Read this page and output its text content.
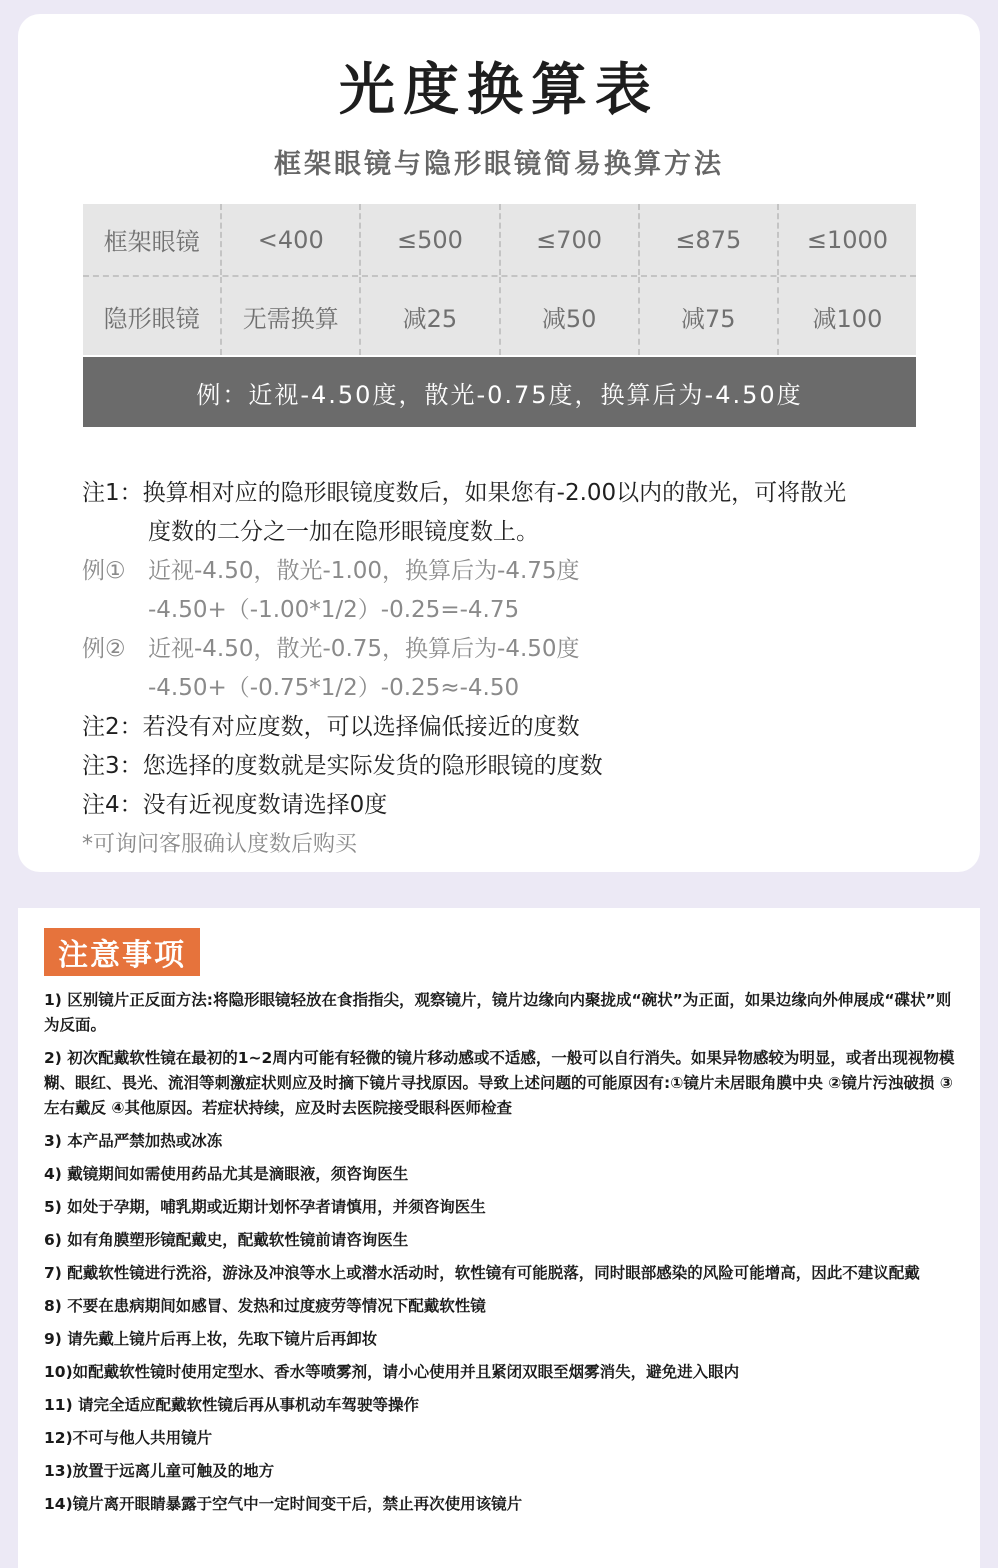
光度换算表
框架眼镜与隐形眼镜简易换算方法
框架眼镜	<400	≤500	≤700	≤875	≤1000
隐形眼镜	无需换算	减25	减50	减75	减100
例：近视-4.50度，散光-0.75度，换算后为-4.50度
注1： 换算相对应的隐形眼镜度数后，如果您有-2.00以内的散光，可将散光
度数的二分之一加在隐形眼镜度数上。
例① 近视-4.50，散光-1.00，换算后为-4.75度
-4.50+（-1.00*1/2）-0.25=-4.75
例② 近视-4.50，散光-0.75，换算后为-4.50度
-4.50+（-0.75*1/2）-0.25≈-4.50
注2：若没有对应度数，可以选择偏低接近的度数
注3：您选择的度数就是实际发货的隐形眼镜的度数
注4：没有近视度数请选择0度
*可询问客服确认度数后购买
注意事项
1) 区别镜片正反面方法:将隐形眼镜轻放在食指指尖，观察镜片，镜片边缘向内聚拢成“碗状”为正面，如果边缘向外伸展成“碟状”则为反面。
2) 初次配戴软性镜在最初的1~2周内可能有轻微的镜片移动感或不适感，一般可以自行消失。如果异物感较为明显，或者出现视物模糊、眼红、畏光、流泪等刺激症状则应及时摘下镜片寻找原因。导致上述问题的可能原因有:①镜片未居眼角膜中央 ②镜片污浊破损 ③左右戴反 ④其他原因。若症状持续，应及时去医院接受眼科医师检查
3) 本产品严禁加热或冰冻
4) 戴镜期间如需使用药品尤其是滴眼液，须咨询医生
5) 如处于孕期，哺乳期或近期计划怀孕者请慎用，并须咨询医生
6) 如有角膜塑形镜配戴史，配戴软性镜前请咨询医生
7) 配戴软性镜进行洗浴，游泳及冲浪等水上或潜水活动时，软性镜有可能脱落，同时眼部感染的风险可能增高，因此不建议配戴
8) 不要在患病期间如感冒、发热和过度疲劳等情况下配戴软性镜
9) 请先戴上镜片后再上妆，先取下镜片后再卸妆
10)如配戴软性镜时使用定型水、香水等喷雾剂，请小心使用并且紧闭双眼至烟雾消失，避免进入眼内
11) 请完全适应配戴软性镜后再从事机动车驾驶等操作
12)不可与他人共用镜片
13)放置于远离儿童可触及的地方
14)镜片离开眼睛暴露于空气中一定时间变干后，禁止再次使用该镜片
